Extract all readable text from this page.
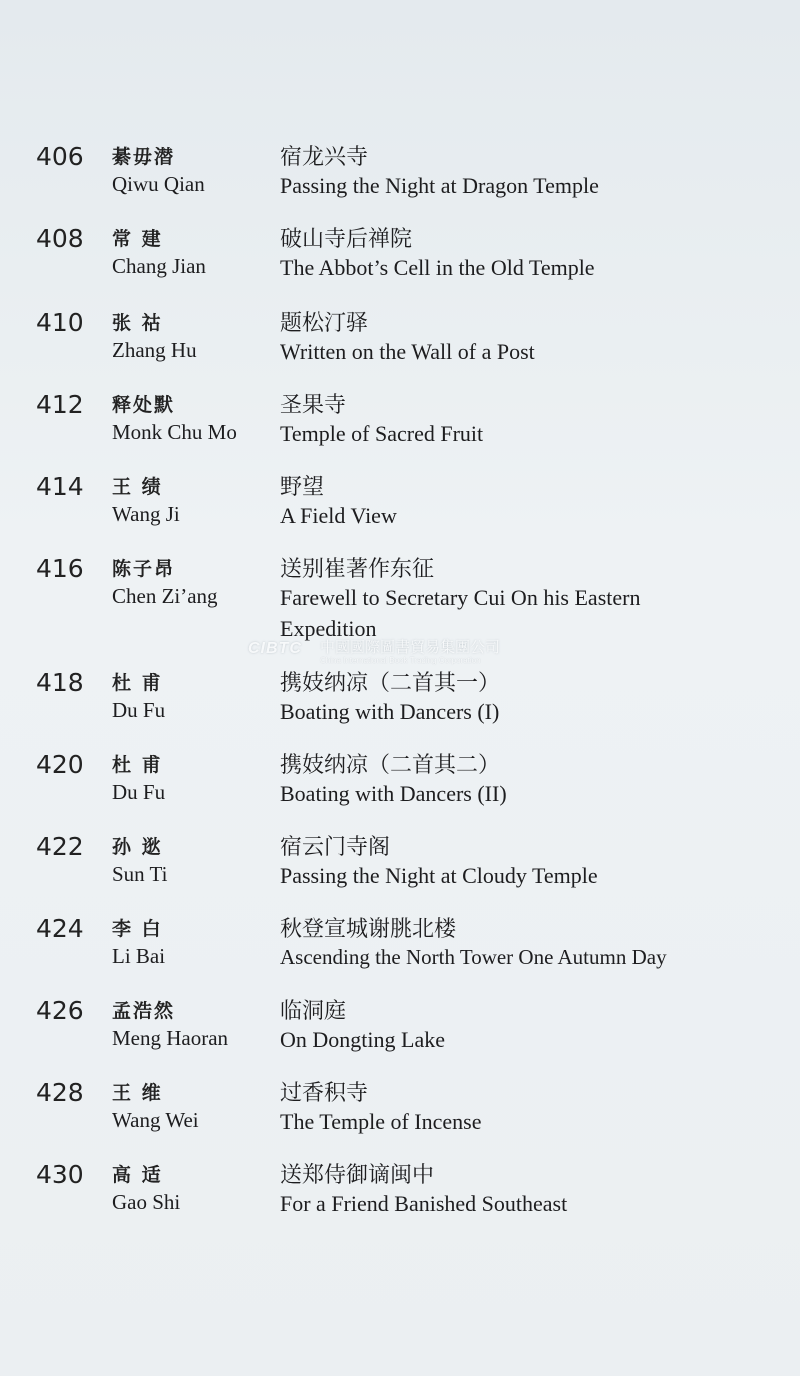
406 綦毋潜
Qiwu Qian
宿龙兴寺
Passing the Night at Dragon Temple
408 常 建
Chang Jian
破山寺后禅院
The Abbot’s Cell in the Old Temple
410 张 祜
Zhang Hu
题松汀驿
Written on the Wall of a Post
412 释处默
Monk Chu Mo
圣果寺
Temple of Sacred Fruit
414 王 绩
Wang Ji
野望
A Field View
416 陈子昂
Chen Zi’ang
送别崔著作东征
Farewell to Secretary Cui On his Eastern Expedition
CIBTC 中國國際圖書貿易集團公司
China International Book Trading Corporation
418 杜 甫
Du Fu
携妓纳凉（二首其一）
Boating with Dancers (I)
420 杜 甫
Du Fu
携妓纳凉（二首其二）
Boating with Dancers (II)
422 孙 逖
Sun Ti
宿云门寺阁
Passing the Night at Cloudy Temple
424 李 白
Li Bai
秋登宣城谢朓北楼
Ascending the North Tower One Autumn Day
426 孟浩然
Meng Haoran
临洞庭
On Dongting Lake
428 王 维
Wang Wei
过香积寺
The Temple of Incense
430 高 适
Gao Shi
送郑侍御谪闽中
For a Friend Banished Southeast
